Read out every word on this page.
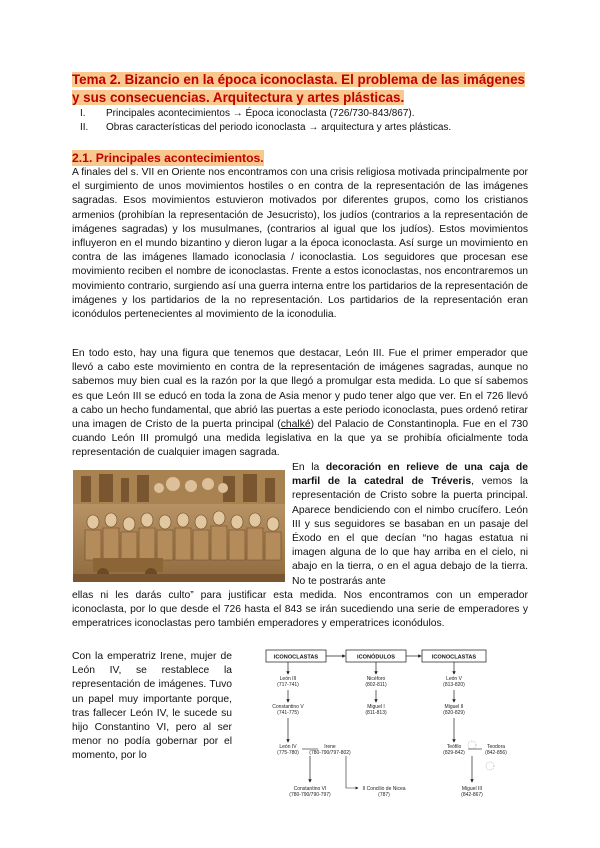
Tema 2. Bizancio en la época iconoclasta. El problema de las imágenes y sus consecuencias. Arquitectura y artes plásticas.
I.	Principales acontecimientos → Época iconoclasta (726/730-843/867).
II.	Obras características del periodo iconoclasta → arquitectura y artes plásticas.
2.1. Principales acontecimientos.

A finales del s. VII en Oriente nos encontramos con una crisis religiosa motivada principalmente por el surgimiento de unos movimientos hostiles o en contra de la representación de las imágenes sagradas. Esos movimientos estuvieron motivados por diferentes grupos, como los cristianos armenios (prohibían la representación de Jesucristo), los judíos (contrarios a la representación de imágenes sagradas) y los musulmanes, (contrarios al igual que los judíos). Estos movimientos influyeron en el mundo bizantino y dieron lugar a la época iconoclasta. Así surge un movimiento en contra de las imágenes llamado iconoclasia / iconoclastia. Los seguidores que procesan ese movimiento reciben el nombre de iconoclastas. Frente a estos iconoclastas, nos encontraremos un movimiento contrario, surgiendo así una guerra interna entre los partidarios de la representación de imágenes y los partidarios de la no representación. Los partidarios de la representación eran iconódulos pertenecientes al movimiento de la iconodulia.

En todo esto, hay una figura que tenemos que destacar, León III. Fue el primer emperador que llevó a cabo este movimiento en contra de la representación de imágenes sagradas, aunque no sabemos muy bien cual es la razón por la que llegó a promulgar esta medida. Lo que sí sabemos es que León III se educó en toda la zona de Asia menor y pudo tener algo que ver. En el 726 llevó a cabo un hecho fundamental, que abrió las puertas a este periodo iconoclasta, pues ordenó retirar una imagen de Cristo de la puerta principal (chalké) del Palacio de Constantinopla. Fue en el 730 cuando León III promulgó una medida legislativa en la que ya se prohibía oficialmente toda representación de cualquier imagen sagrada.

En la decoración en relieve de una caja de marfil de la catedral de Tréveris, vemos la representación de Cristo sobre la puerta principal. Aparece bendiciendo con el nimbo crucífero. León III y sus seguidores se basaban en un pasaje del Éxodo en el que decían “no hagas estatua ni imagen alguna de lo que hay arriba en el cielo, ni abajo en la tierra, o en el agua debajo de la tierra. No te postrarás ante

ellas ni les darás culto” para justificar esta medida. Nos encontramos con un emperador iconoclasta, por lo que desde el 726 hasta el 843 se irán sucediendo una serie de emperadores y emperatrices iconoclastas pero también emperadores y emperatrices iconódulos.

Con la emperatriz Irene, mujer de León IV, se restablece la representación de imágenes. Tuvo un papel muy importante porque, tras fallecer León IV, le sucede su hijo Constantino VI, pero al ser menor no podía gobernar por el momento, por lo

ICONOCLASTAS	ICONÓDULOS	ICONOCLASTAS
León III
(717-741)
Constantino V
(741-775)
León IV
(775-780)
Irene
(780-790/797-802)
Constantino VI
(780-790/790-797)
Nicéforo
(802-811)
Miguel I
(811-813)
II Concilio de Nicea
(787)
León V
(813-820)
Miguel II
(820-829)
Teófilo
(829-842)
Teodora
(842-856)
Miguel III
(842-867)
